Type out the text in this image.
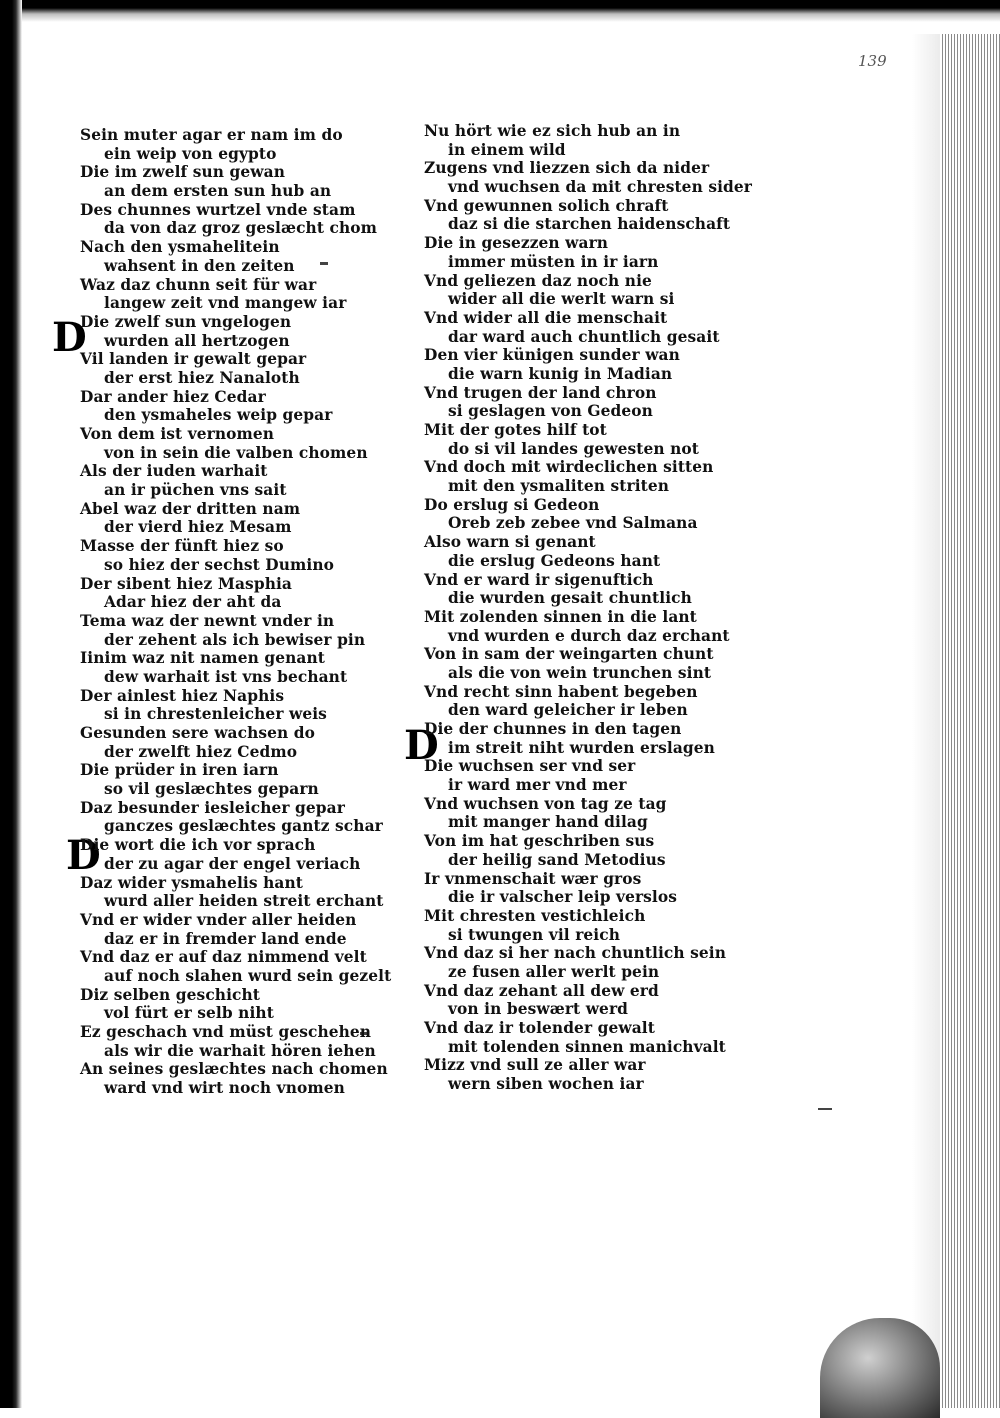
139
D
D
D
Sein muter agar er nam im do
ein weip von egypto
Die im zwelf sun gewan
an dem ersten sun hub an
Des chunnes wurtzel vnde stam
da von daz groz geslæcht chom
Nach den ysmahelitein
wahsent in den zeiten
Waz daz chunn seit für war
langew zeit vnd mangew iar
Die zwelf sun vngelogen
wurden all hertzogen
Vil landen ir gewalt gepar
der erst hiez Nanaloth
Dar ander hiez Cedar
den ysmaheles weip gepar
Von dem ist vernomen
von in sein die valben chomen
Als der iuden warhait
an ir püchen vns sait
Abel waz der dritten nam
der vierd hiez Mesam
Masse der fünft hiez so
so hiez der sechst Dumino
Der sibent hiez Masphia
Adar hiez der aht da
Tema waz der newnt vnder in
der zehent als ich bewiser pin
Iinim waz nit namen genant
dew warhait ist vns bechant
Der ainlest hiez Naphis
si in chrestenleicher weis
Gesunden sere wachsen do
der zwelft hiez Cedmo
Die prüder in iren iarn
so vil geslæchtes geparn
Daz besunder iesleicher gepar
ganczes geslæchtes gantz schar
Die wort die ich vor sprach
der zu agar der engel veriach
Daz wider ysmahelis hant
wurd aller heiden streit erchant
Vnd er wider vnder aller heiden
daz er in fremder land ende
Vnd daz er auf daz nimmend velt
auf noch slahen wurd sein gezelt
Diz selben geschicht
vol fürt er selb niht
Ez geschach vnd müst geschehen
als wir die warhait hören iehen
An seines geslæchtes nach chomen
ward vnd wirt noch vnomen
Nu hört wie ez sich hub an in
in einem wild
Zugens vnd liezzen sich da nider
vnd wuchsen da mit chresten sider
Vnd gewunnen solich chraft
daz si die starchen haidenschaft
Die in gesezzen warn
immer müsten in ir iarn
Vnd geliezen daz noch nie
wider all die werlt warn si
Vnd wider all die menschait
dar ward auch chuntlich gesait
Den vier künigen sunder wan
die warn kunig in Madian
Vnd trugen der land chron
si geslagen von Gedeon
Mit der gotes hilf tot
do si vil landes gewesten not
Vnd doch mit wirdeclichen sitten
mit den ysmaliten striten
Do erslug si Gedeon
Oreb zeb zebee vnd Salmana
Also warn si genant
die erslug Gedeons hant
Vnd er ward ir sigenuftich
die wurden gesait chuntlich
Mit zolenden sinnen in die lant
vnd wurden e durch daz erchant
Von in sam der weingarten chunt
als die von wein trunchen sint
Vnd recht sinn habent begeben
den ward geleicher ir leben
Die der chunnes in den tagen
im streit niht wurden erslagen
Die wuchsen ser vnd ser
ir ward mer vnd mer
Vnd wuchsen von tag ze tag
mit manger hand dilag
Von im hat geschriben sus
der heilig sand Metodius
Ir vnmenschait wær gros
die ir valscher leip verslos
Mit chresten vestichleich
si twungen vil reich
Vnd daz si her nach chuntlich sein
ze fusen aller werlt pein
Vnd daz zehant all dew erd
von in beswært werd
Vnd daz ir tolender gewalt
mit tolenden sinnen manichvalt
Mizz vnd sull ze aller war
wern siben wochen iar
